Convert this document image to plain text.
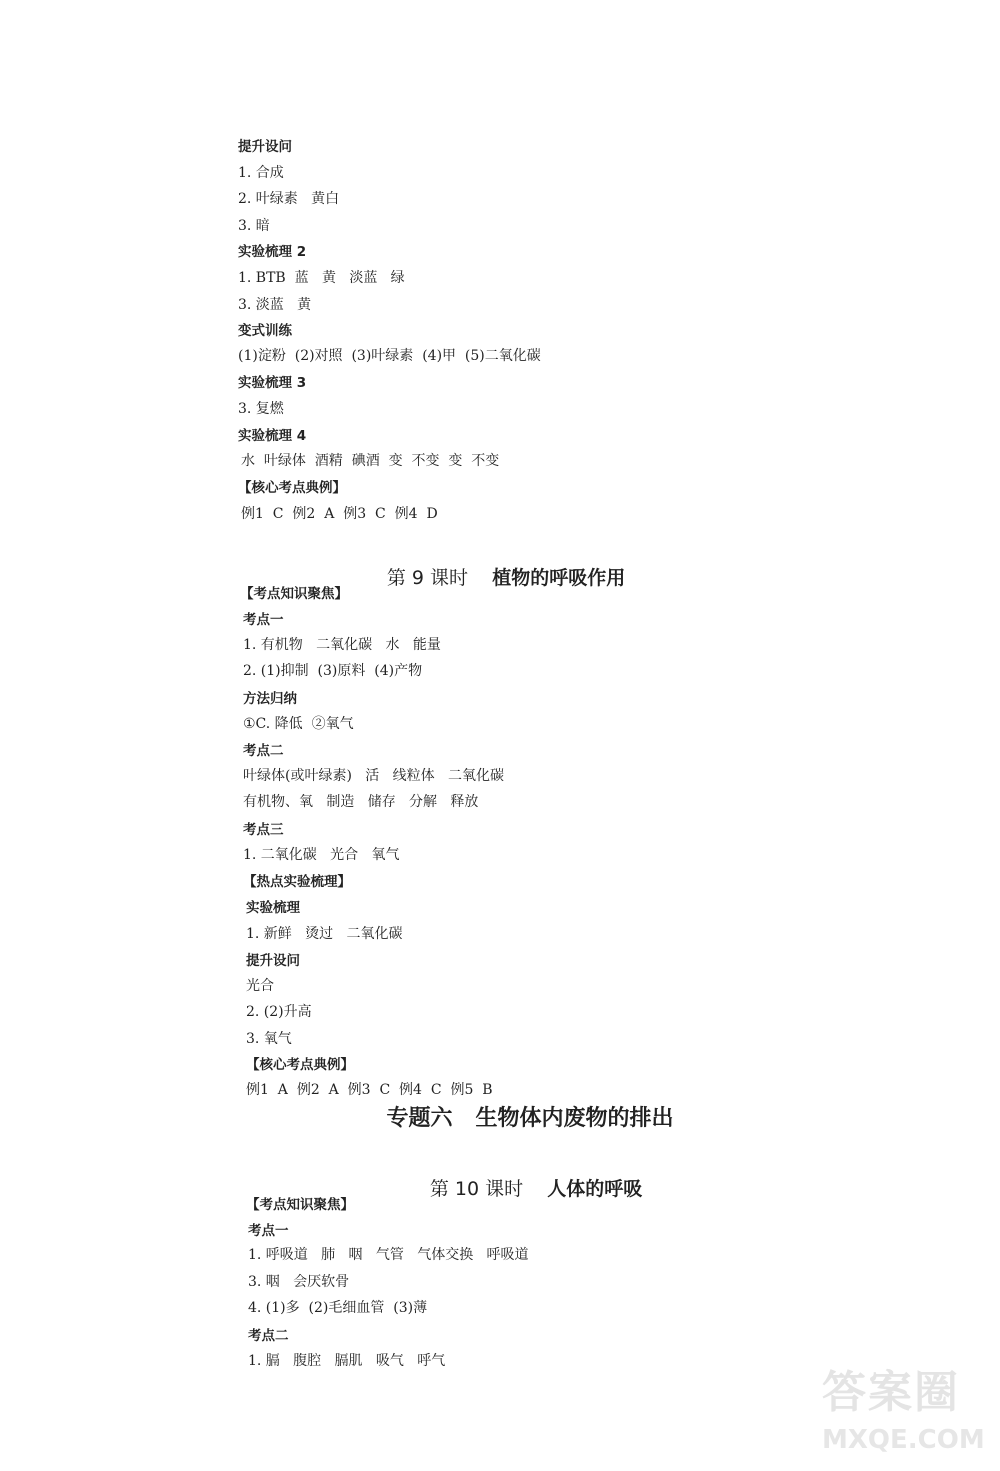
提升设问
1. 合成
2. 叶绿素   黄白
3. 暗
实验梳理 2
1. BTB  蓝   黄   淡蓝   绿
3. 淡蓝   黄
变式训练
(1)淀粉  (2)对照  (3)叶绿素  (4)甲  (5)二氧化碳
实验梳理 3
3. 复燃
实验梳理 4
水  叶绿体  酒精  碘酒  变  不变  变  不变
【核心考点典例】
例1  C  例2  A  例3  C  例4  D
【考点知识聚焦】
考点一
1. 有机物   二氧化碳   水   能量
2. (1)抑制  (3)原料  (4)产物
方法归纳
①C. 降低  ②氧气
考点二
叶绿体(或叶绿素)   活   线粒体   二氧化碳
有机物、氧   制造   储存   分解   释放
考点三
1. 二氧化碳   光合   氧气
【热点实验梳理】
实验梳理
1. 新鲜   烫过   二氧化碳
提升设问
光合
2. (2)升高
3. 氧气
【核心考点典例】
例1  A  例2  A  例3  C  例4  C  例5  B
【考点知识聚焦】
考点一
1. 呼吸道   肺   咽   气管   气体交换   呼吸道
3. 咽   会厌软骨
4. (1)多  (2)毛细血管  (3)薄
考点二
1. 膈   腹腔   膈肌   吸气   呼气

第 9 课时 植物的呼吸作用

专题六   生物体内废物的排出

第 10 课时 人体的呼吸

答案圈
MXQE.COM
